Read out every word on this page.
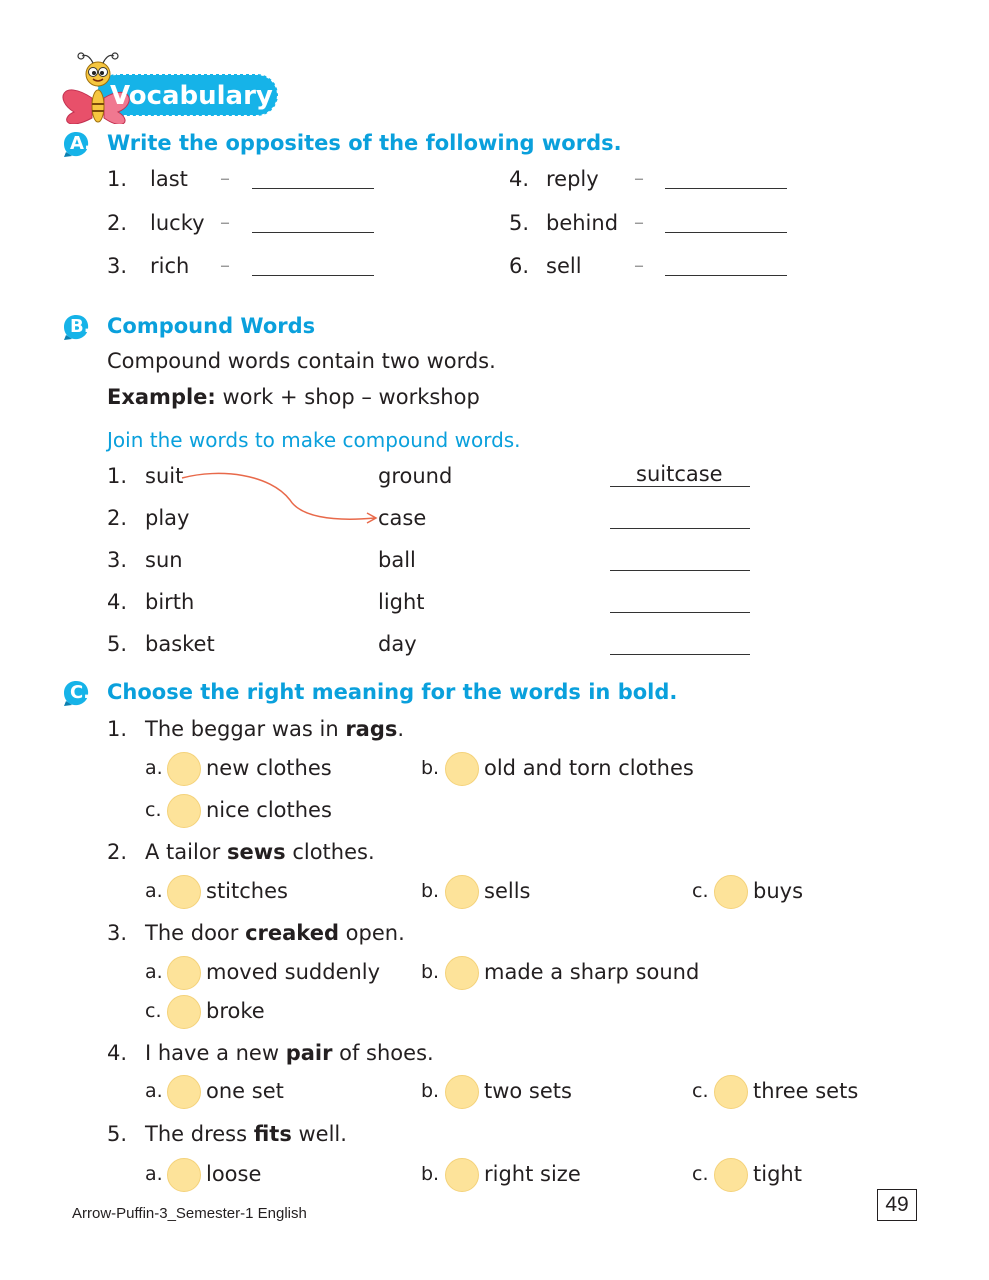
Vocabulary
A. Write the opposites of the following words.
1. last –
2. lucky –
3. rich –
4. reply –
5. behind –
6. sell	–
B. Compound Words
Compound words contain two words.
Example: work + shop – workshop
Join the words to make compound words.
1. suit	ground	suitcase
2. play	case
3. sun	ball
4. birth	light
5. basket	day
C. Choose the right meaning for the words in bold.
1. The beggar was in rags.
a. new clothes	b. old and torn clothes
c. nice clothes
2. A tailor sews clothes.
a. stitches	b. sells	c. buys
3. The door creaked open.
a. moved suddenly b. made a sharp sound
c. broke
4. I have a new pair of shoes.
a. one set	b. two sets	c. three sets
5. The dress fits well.
a. loose	b. right size	c. tight
Arrow-Puffin-3_Semester-1 English	49
